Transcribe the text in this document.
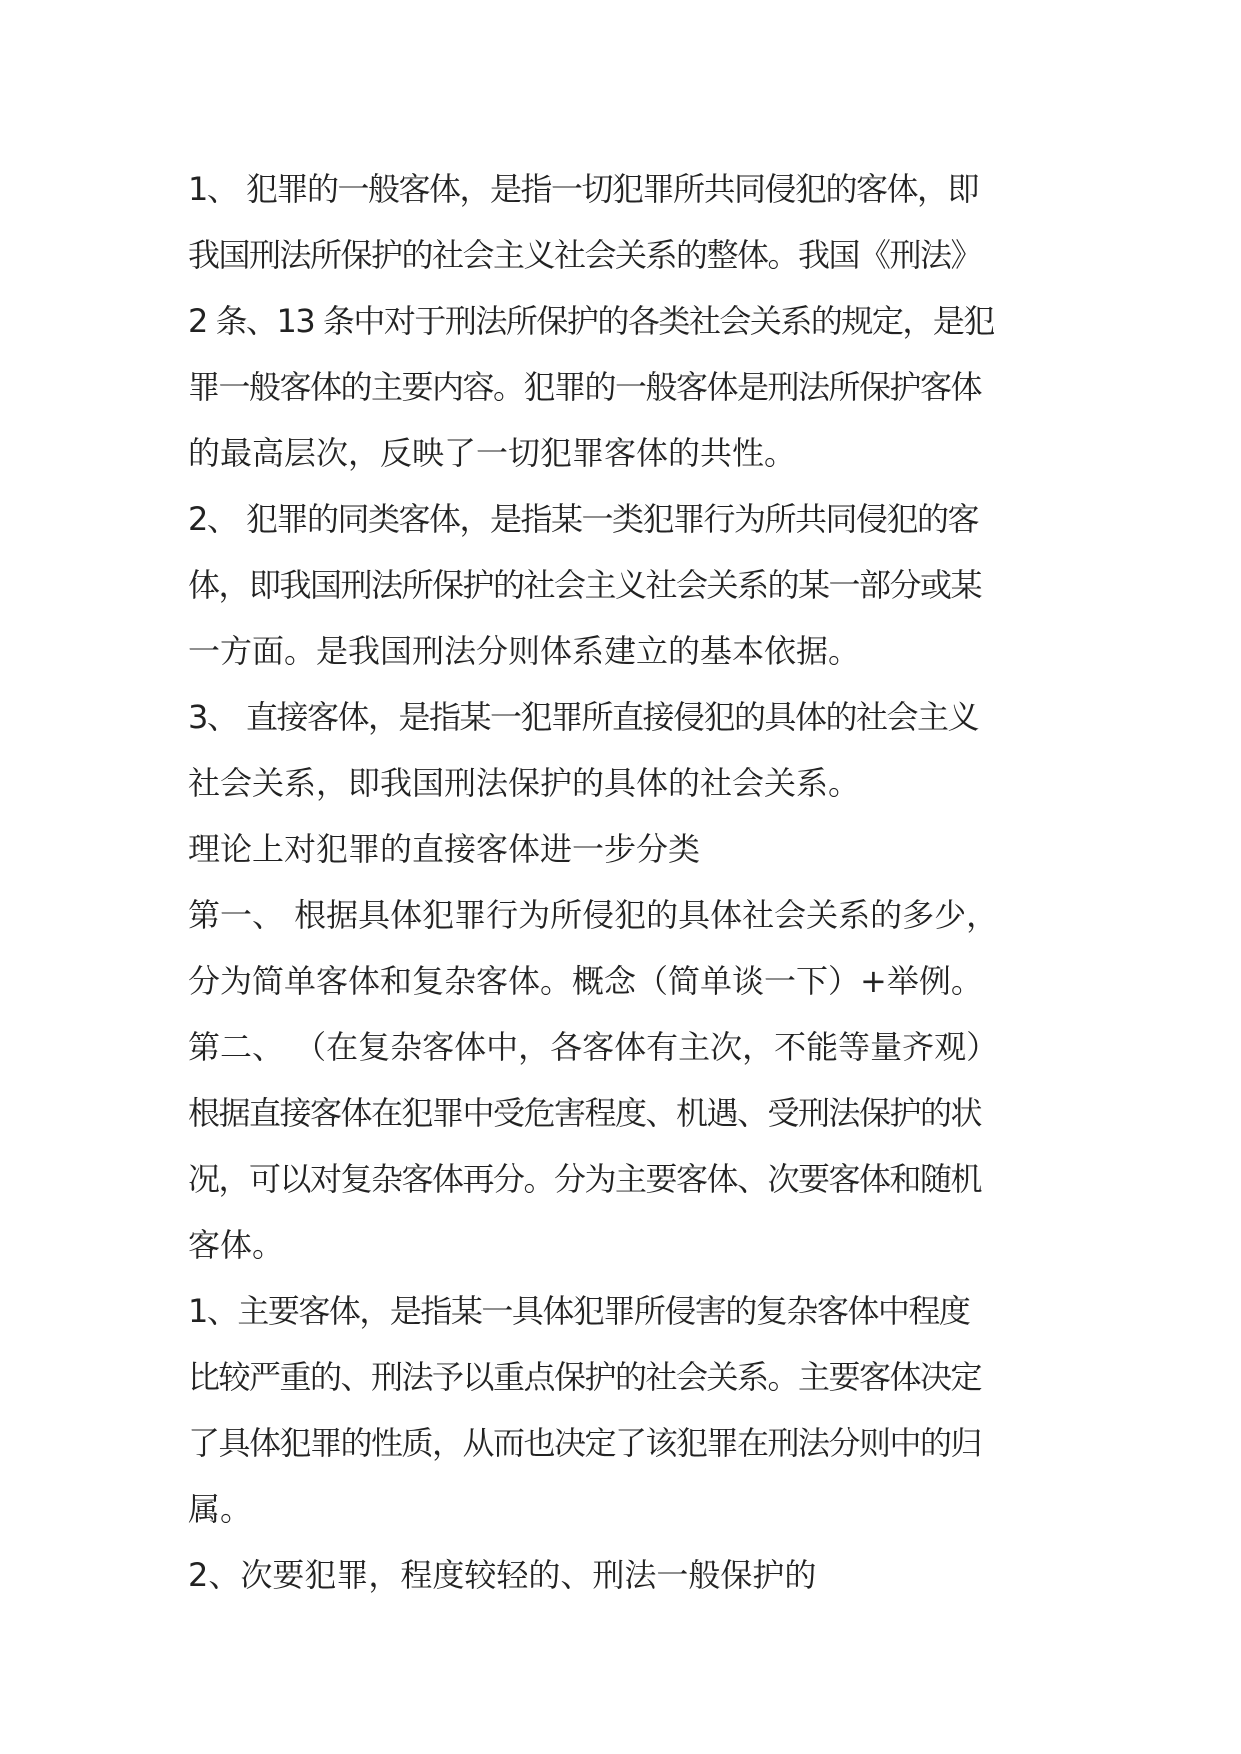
1、 犯罪的一般客体，是指一切犯罪所共同侵犯的客体，即
我国刑法所保护的社会主义社会关系的整体。我国《刑法》
2 条、13 条中对于刑法所保护的各类社会关系的规定，是犯
罪一般客体的主要内容。犯罪的一般客体是刑法所保护客体
的最高层次，反映了一切犯罪客体的共性。
2、 犯罪的同类客体，是指某一类犯罪行为所共同侵犯的客
体，即我国刑法所保护的社会主义社会关系的某一部分或某
一方面。是我国刑法分则体系建立的基本依据。
3、 直接客体，是指某一犯罪所直接侵犯的具体的社会主义
社会关系，即我国刑法保护的具体的社会关系。
理论上对犯罪的直接客体进一步分类
第一、 根据具体犯罪行为所侵犯的具体社会关系的多少，
分为简单客体和复杂客体。概念（简单谈一下）+举例。
第二、 （在复杂客体中，各客体有主次，不能等量齐观）
根据直接客体在犯罪中受危害程度、机遇、受刑法保护的状
况，可以对复杂客体再分。分为主要客体、次要客体和随机
客体。
1、主要客体，是指某一具体犯罪所侵害的复杂客体中程度
比较严重的、刑法予以重点保护的社会关系。主要客体决定
了具体犯罪的性质，从而也决定了该犯罪在刑法分则中的归
属。
2、次要犯罪，程度较轻的、刑法一般保护的
